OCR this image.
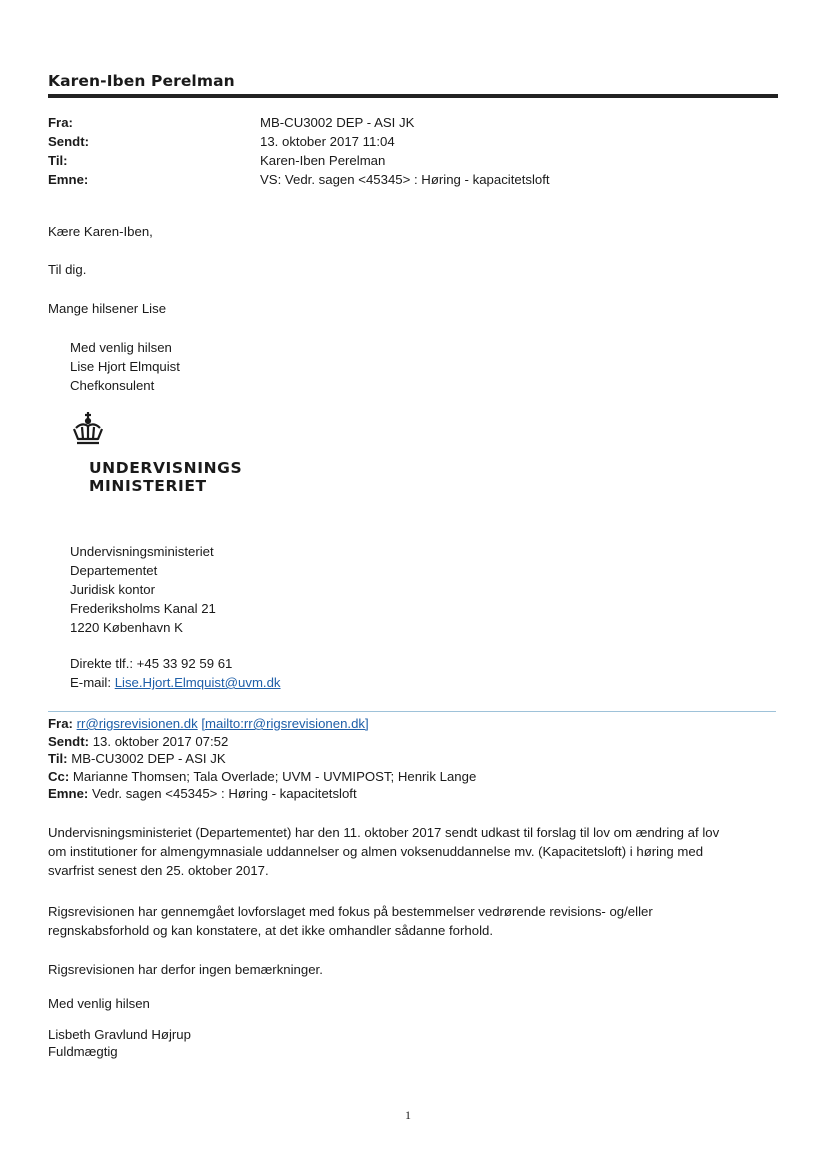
Karen-Iben Perelman
Fra:	MB-CU3002 DEP - ASI JK
Sendt:	13. oktober 2017 11:04
Til:	Karen-Iben Perelman
Emne:	VS: Vedr. sagen <45345> : Høring - kapacitetsloft
Kære Karen-Iben,
Til dig.
Mange hilsener Lise
Med venlig hilsen
Lise Hjort Elmquist
Chefkonsulent
UNDERVISNINGS
MINISTERIET
Undervisningsministeriet
Departementet
Juridisk kontor
Frederiksholms Kanal 21
1220 København K
Direkte tlf.: +45 33 92 59 61
E-mail: Lise.Hjort.Elmquist@uvm.dk
Fra: rr@rigsrevisionen.dk [mailto:rr@rigsrevisionen.dk]
Sendt: 13. oktober 2017 07:52
Til: MB-CU3002 DEP - ASI JK
Cc: Marianne Thomsen; Tala Overlade; UVM - UVMIPOST; Henrik Lange
Emne: Vedr. sagen <45345> : Høring - kapacitetsloft
Undervisningsministeriet (Departementet) har den 11. oktober 2017 sendt udkast til forslag til lov om ændring af lov
om institutioner for almengymnasiale uddannelser og almen voksenuddannelse mv. (Kapacitetsloft) i høring med
svarfrist senest den 25. oktober 2017.
Rigsrevisionen har gennemgået lovforslaget med fokus på bestemmelser vedrørende revisions- og/eller
regnskabsforhold og kan konstatere, at det ikke omhandler sådanne forhold.
Rigsrevisionen har derfor ingen bemærkninger.
Med venlig hilsen
Lisbeth Gravlund Højrup
Fuldmægtig
1
